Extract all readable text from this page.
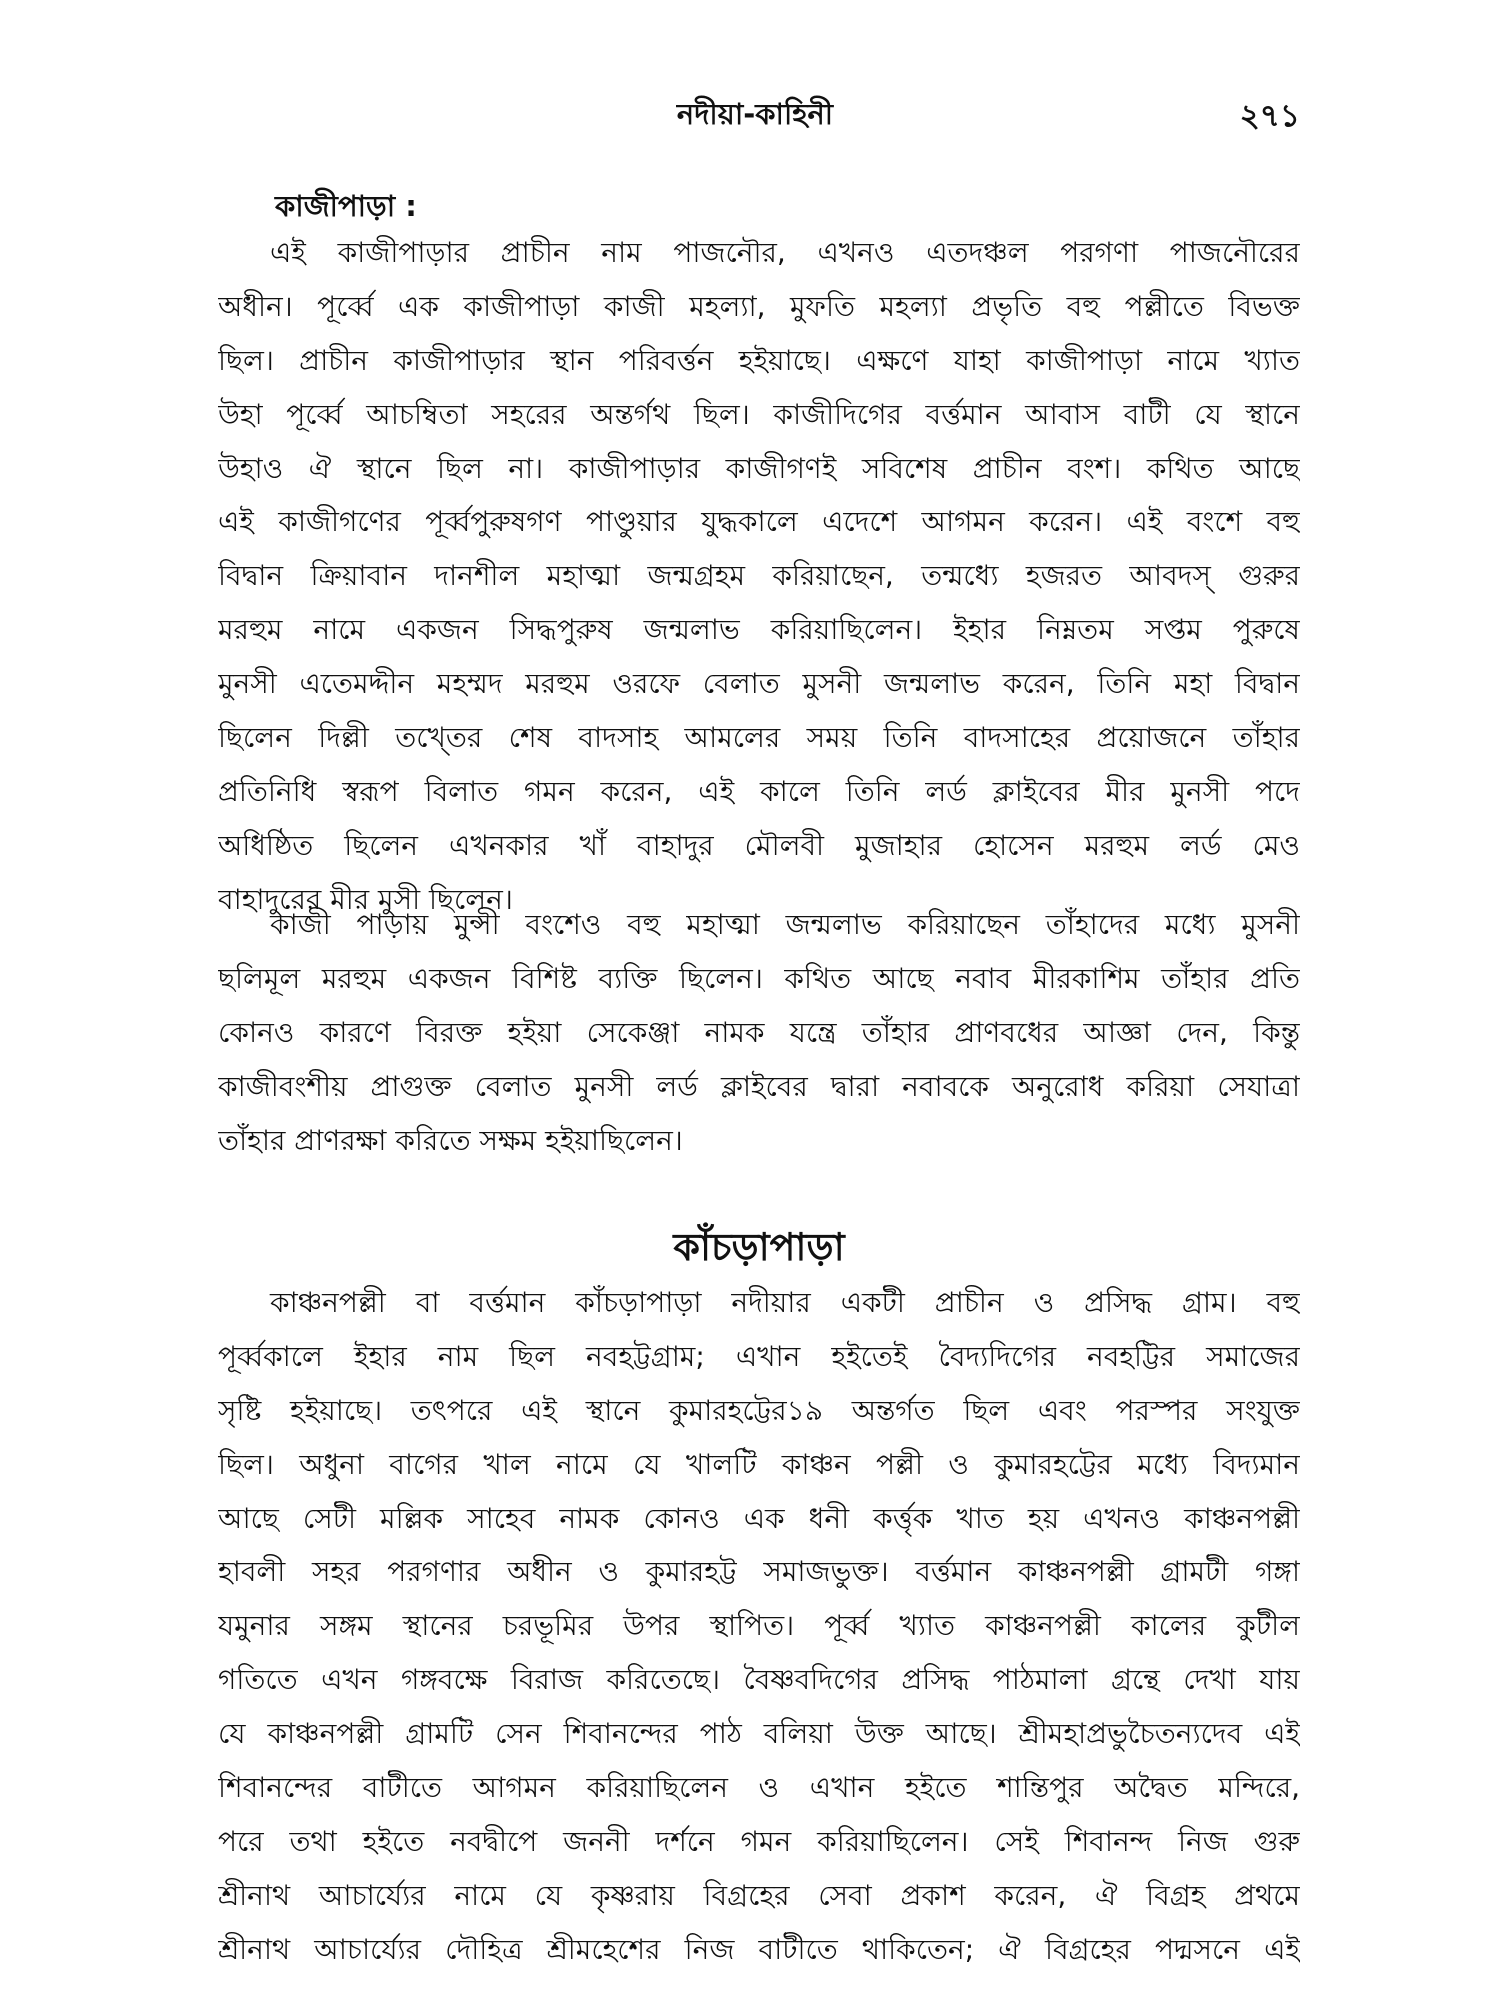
নদীয়া-কাহিনী	২৭১
কাজীপাড়া :
এই কাজীপাড়ার প্রাচীন নাম পাজনৌর, এখনও এতদঞ্চল পরগণা পাজনৌরের
অধীন। পূর্ব্বে এক কাজীপাড়া কাজী মহল্যা, মুফতি মহল্যা প্রভৃতি বহু পল্লীতে বিভক্ত
ছিল। প্রাচীন কাজীপাড়ার স্থান পরিবর্ত্তন হইয়াছে। এক্ষণে যাহা কাজীপাড়া নামে খ্যাত
উহা পূর্ব্বে আচম্বিতা সহরের অন্তর্গথ ছিল। কাজীদিগের বর্ত্তমান আবাস বাটী যে স্থানে
উহাও ঐ স্থানে ছিল না। কাজীপাড়ার কাজীগণই সবিশেষ প্রাচীন বংশ। কথিত আছে
এই কাজীগণের পূর্ব্বপুরুষগণ পাণ্ডুয়ার যুদ্ধকালে এদেশে আগমন করেন। এই বংশে বহু
বিদ্বান ক্রিয়াবান দানশীল মহাত্মা জন্মগ্রহম করিয়াছেন, তন্মধ্যে হজরত আবদস্ গুরুর
মরহুম নামে একজন সিদ্ধপুরুষ জন্মলাভ করিয়াছিলেন। ইহার নিম্নতম সপ্তম পুরুষে
মুনসী এতেমদ্দীন মহম্মদ মরহুম ওরফে বেলাত মুসনী জন্মলাভ করেন, তিনি মহা বিদ্বান
ছিলেন দিল্লী তখ্তের শেষ বাদসাহ আমলের সময় তিনি বাদসাহের প্রয়োজনে তাঁহার
প্রতিনিধি স্বরূপ বিলাত গমন করেন, এই কালে তিনি লর্ড ক্লাইবের মীর মুনসী পদে
অধিষ্ঠিত ছিলেন এখনকার খাঁ বাহাদুর মৌলবী মুজাহার হোসেন মরহুম লর্ড মেও
বাহাদুরের মীর মুসী ছিলেন।
কাজী পাড়ায় মুন্সী বংশেও বহু মহাত্মা জন্মলাভ করিয়াছেন তাঁহাদের মধ্যে মুসনী
ছলিমূল মরহুম একজন বিশিষ্ট ব্যক্তি ছিলেন। কথিত আছে নবাব মীরকাশিম তাঁহার প্রতি
কোনও কারণে বিরক্ত হইয়া সেকেঞ্জা নামক যন্ত্রে তাঁহার প্রাণবধের আজ্ঞা দেন, কিন্তু
কাজীবংশীয় প্রাগুক্ত বেলাত মুনসী লর্ড ক্লাইবের দ্বারা নবাবকে অনুরোধ করিয়া সেযাত্রা
তাঁহার প্রাণরক্ষা করিতে সক্ষম হইয়াছিলেন।
কাঁচড়াপাড়া
কাঞ্চনপল্লী বা বর্ত্তমান কাঁচড়াপাড়া নদীয়ার একটী প্রাচীন ও প্রসিদ্ধ গ্রাম। বহু
পূর্ব্বকালে ইহার নাম ছিল নবহট্টগ্রাম; এখান হইতেই বৈদ্যদিগের নবহট্টির সমাজের
সৃষ্টি হইয়াছে। তৎপরে এই স্থানে কুমারহট্টের১৯ অন্তর্গত ছিল এবং পরস্পর সংযুক্ত
ছিল। অধুনা বাগের খাল নামে যে খালটি কাঞ্চন পল্লী ও কুমারহট্টের মধ্যে বিদ্যমান
আছে সেটী মল্লিক সাহেব নামক কোনও এক ধনী কর্ত্তৃক খাত হয় এখনও কাঞ্চনপল্লী
হাবলী সহর পরগণার অধীন ও কুমারহট্ট সমাজভুক্ত। বর্ত্তমান কাঞ্চনপল্লী গ্রামটী গঙ্গা
যমুনার সঙ্গম স্থানের চরভূমির উপর স্থাপিত। পূর্ব্ব খ্যাত কাঞ্চনপল্লী কালের কুটীল
গতিতে এখন গঙ্গবক্ষে বিরাজ করিতেছে। বৈষ্ণবদিগের প্রসিদ্ধ পাঠমালা গ্রন্থে দেখা যায়
যে কাঞ্চনপল্লী গ্রামটি সেন শিবানন্দের পাঠ বলিয়া উক্ত আছে। শ্রীমহাপ্রভুচৈতন্যদেব এই
শিবানন্দের বাটীতে আগমন করিয়াছিলেন ও এখান হইতে শান্তিপুর অদ্বৈত মন্দিরে,
পরে তথা হইতে নবদ্বীপে জননী দর্শনে গমন করিয়াছিলেন। সেই শিবানন্দ নিজ গুরু
শ্রীনাথ আচার্য্যের নামে যে কৃষ্ণরায় বিগ্রহের সেবা প্রকাশ করেন, ঐ বিগ্রহ প্রথমে
শ্রীনাথ আচার্য্যের দৌহিত্র শ্রীমহেশের নিজ বাটীতে থাকিতেন; ঐ বিগ্রহের পদ্মসনে এই
